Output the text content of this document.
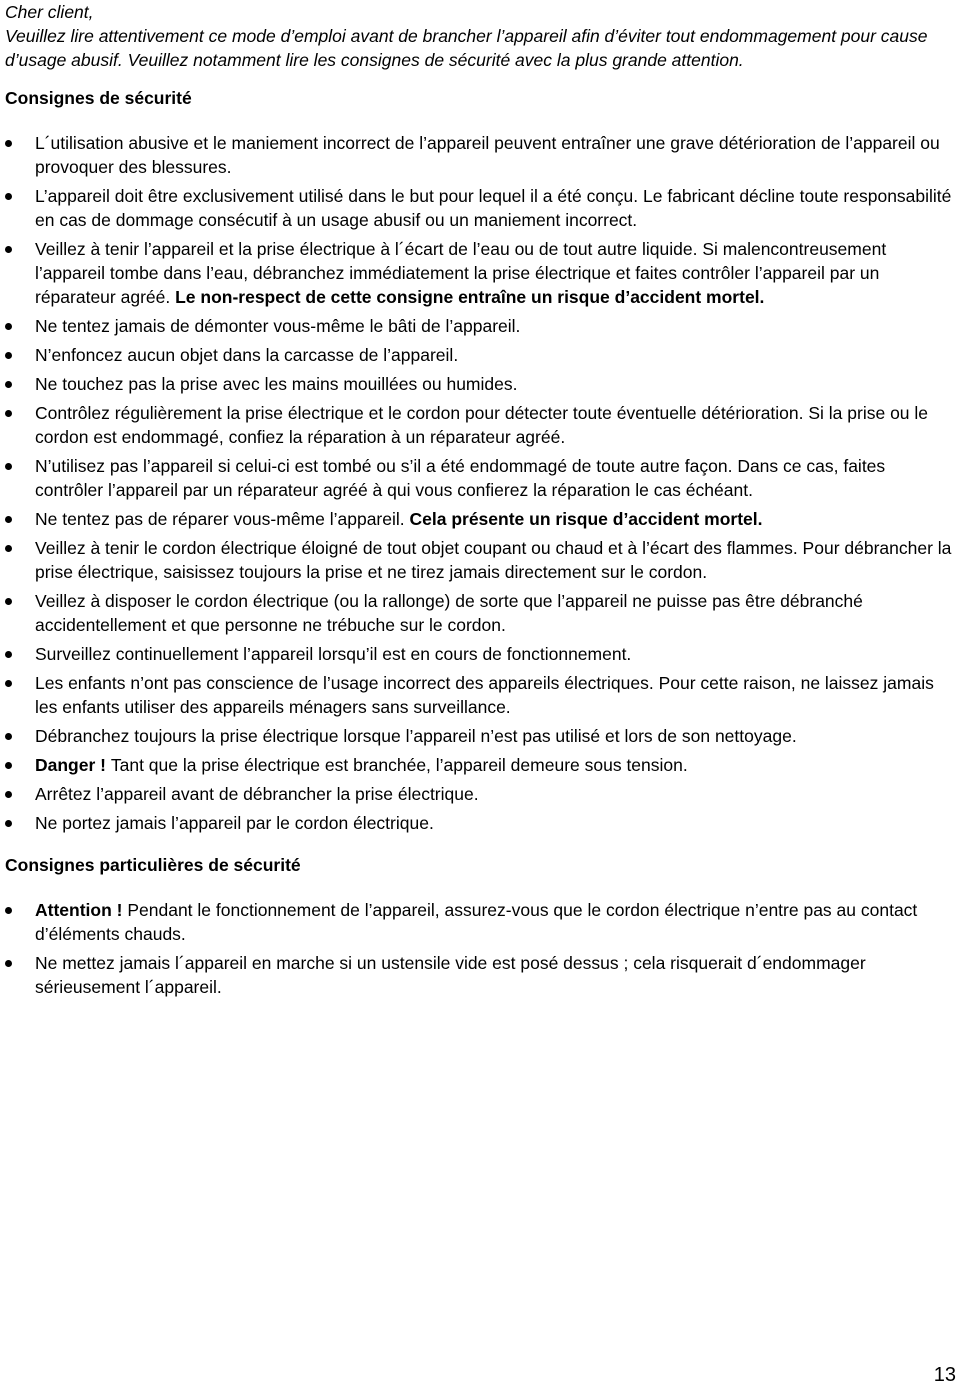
Cher client,

Veuillez lire attentivement ce mode d’emploi avant de brancher l’appareil afin d’éviter tout endommagement pour cause d’usage abusif. Veuillez notamment lire les consignes de sécurité avec la plus grande attention.

Consignes de sécurité
L´utilisation abusive et le maniement incorrect de l’appareil peuvent entraîner une grave détérioration de l’appareil ou provoquer des blessures.
L’appareil doit être exclusivement utilisé dans le but pour lequel il a été conçu. Le fabricant décline toute responsabilité en cas de dommage consécutif à un usage abusif ou un maniement incorrect.
Veillez à tenir l’appareil et la prise électrique à l´écart de l’eau ou de tout autre liquide. Si malencontreusement l’appareil tombe dans l’eau, débranchez immédiatement la prise électrique et faites contrôler l’appareil par un réparateur agréé. Le non-respect de cette consigne entraîne un risque d’accident mortel.
Ne tentez jamais de démonter vous-même le bâti de l’appareil.
N’enfoncez aucun objet dans la carcasse de l’appareil.
Ne touchez pas la prise avec les mains mouillées ou humides.
Contrôlez régulièrement la prise électrique et le cordon pour détecter toute éventuelle détérioration. Si la prise ou le cordon est endommagé, confiez la réparation à un réparateur agréé.
N’utilisez pas l’appareil si celui-ci est tombé ou s’il a été endommagé de toute autre façon. Dans ce cas, faites contrôler l’appareil par un réparateur agréé à qui vous confierez la réparation le cas échéant.
Ne tentez pas de réparer vous-même l’appareil. Cela présente un risque d’accident mortel.
Veillez à tenir le cordon électrique éloigné de tout objet coupant ou chaud et à l’écart des flammes. Pour débrancher la prise électrique, saisissez toujours la prise et ne tirez jamais directement sur le cordon.
Veillez à disposer le cordon électrique (ou la rallonge) de sorte que l’appareil ne puisse pas être débranché accidentellement et que personne ne trébuche sur le cordon.
Surveillez continuellement l’appareil lorsqu’il est en cours de fonctionnement.
Les enfants n’ont pas conscience de l’usage incorrect des appareils électriques. Pour cette raison, ne laissez jamais les enfants utiliser des appareils ménagers sans surveillance.
Débranchez toujours la prise électrique lorsque l’appareil n’est pas utilisé et lors de son nettoyage.
Danger ! Tant que la prise électrique est branchée, l’appareil demeure sous tension.
Arrêtez l’appareil avant de débrancher la prise électrique.
Ne portez jamais l’appareil par le cordon électrique.
Consignes particulières de sécurité
Attention ! Pendant le fonctionnement de l’appareil, assurez-vous que le cordon électrique n’entre pas au contact d’éléments chauds.
Ne mettez jamais l´appareil en marche si un ustensile vide est posé dessus ; cela risquerait d´endommager sérieusement l´appareil.
13
